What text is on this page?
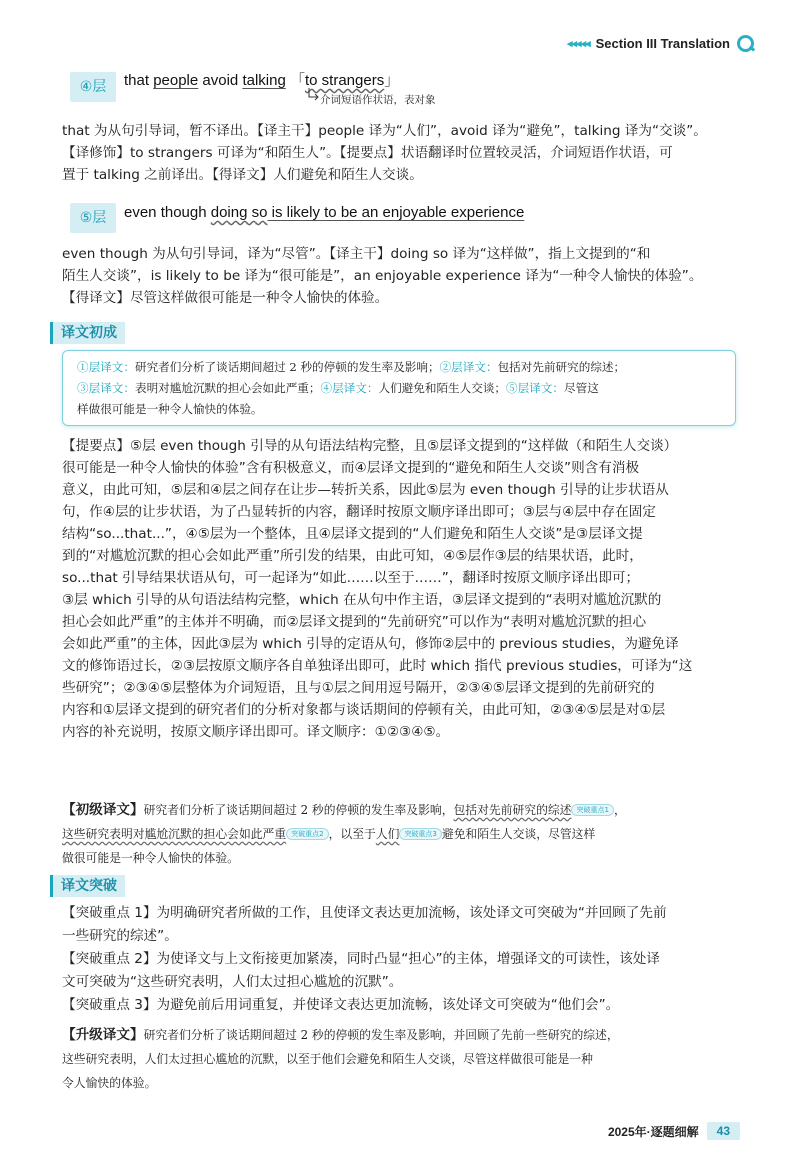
◂◂◂◂◂ Section III Translation
④层	that people avoid talking 「to strangers」
介词短语作状语，表对象
that 为从句引导词，暂不译出。【译主干】people 译为“人们”，avoid 译为“避免”，talking 译为“交谈”。
【译修饰】to strangers 可译为“和陌生人”。【提要点】状语翻译时位置较灵活，介词短语作状语，可
置于 talking 之前译出。【得译文】人们避免和陌生人交谈。
⑤层	even though doing so is likely to be an enjoyable experience
even though 为从句引导词，译为“尽管”。【译主干】doing so 译为“这样做”，指上文提到的“和
陌生人交谈”，is likely to be 译为“很可能是”，an enjoyable experience 译为“一种令人愉快的体验”。
【得译文】尽管这样做很可能是一种令人愉快的体验。
译文初成
①层译文：研究者们分析了谈话期间超过 2 秒的停顿的发生率及影响；②层译文：包括对先前研究的综述；
③层译文：表明对尴尬沉默的担心会如此严重；④层译文：人们避免和陌生人交谈；⑤层译文：尽管这
样做很可能是一种令人愉快的体验。
【提要点】⑤层 even though 引导的从句语法结构完整，且⑤层译文提到的“这样做（和陌生人交谈）
很可能是一种令人愉快的体验”含有积极意义，而④层译文提到的“避免和陌生人交谈”则含有消极
意义，由此可知，⑤层和④层之间存在让步—转折关系，因此⑤层为 even though 引导的让步状语从
句，作④层的让步状语，为了凸显转折的内容，翻译时按原文顺序译出即可；③层与④层中存在固定
结构“so...that...”，④⑤层为一个整体，且④层译文提到的“人们避免和陌生人交谈”是③层译文提
到的“对尴尬沉默的担心会如此严重”所引发的结果，由此可知，④⑤层作③层的结果状语，此时，
so...that 引导结果状语从句，可一起译为“如此……以至于……”，翻译时按原文顺序译出即可；
③层 which 引导的从句语法结构完整，which 在从句中作主语，③层译文提到的“表明对尴尬沉默的
担心会如此严重”的主体并不明确，而②层译文提到的“先前研究”可以作为“表明对尴尬沉默的担心
会如此严重”的主体，因此③层为 which 引导的定语从句，修饰②层中的 previous studies，为避免译
文的修饰语过长，②③层按原文顺序各自单独译出即可，此时 which 指代 previous studies，可译为“这
些研究”；②③④⑤层整体为介词短语，且与①层之间用逗号隔开，②③④⑤层译文提到的先前研究的
内容和①层译文提到的研究者们的分析对象都与谈话期间的停顿有关，由此可知，②③④⑤层是对①层
内容的补充说明，按原文顺序译出即可。译文顺序：①②③④⑤。
【初级译文】研究者们分析了谈话期间超过 2 秒的停顿的发生率及影响，包括对先前研究的综述 突破重点1 ，
这些研究表明对尴尬沉默的担心会如此严重 突破重点2 ，以至于人们 突破重点3 避免和陌生人交谈，尽管这样
做很可能是一种令人愉快的体验。
译文突破
【突破重点 1】为明确研究者所做的工作，且使译文表达更加流畅，该处译文可突破为“并回顾了先前
一些研究的综述”。
【突破重点 2】为使译文与上文衔接更加紧凑，同时凸显“担心”的主体，增强译文的可读性，该处译
文可突破为“这些研究表明，人们太过担心尴尬的沉默”。
【突破重点 3】为避免前后用词重复，并使译文表达更加流畅，该处译文可突破为“他们会”。
【升级译文】研究者们分析了谈话期间超过 2 秒的停顿的发生率及影响，并回顾了先前一些研究的综述，
这些研究表明，人们太过担心尴尬的沉默，以至于他们会避免和陌生人交谈，尽管这样做很可能是一种
令人愉快的体验。
2025年·逐题细解	43
